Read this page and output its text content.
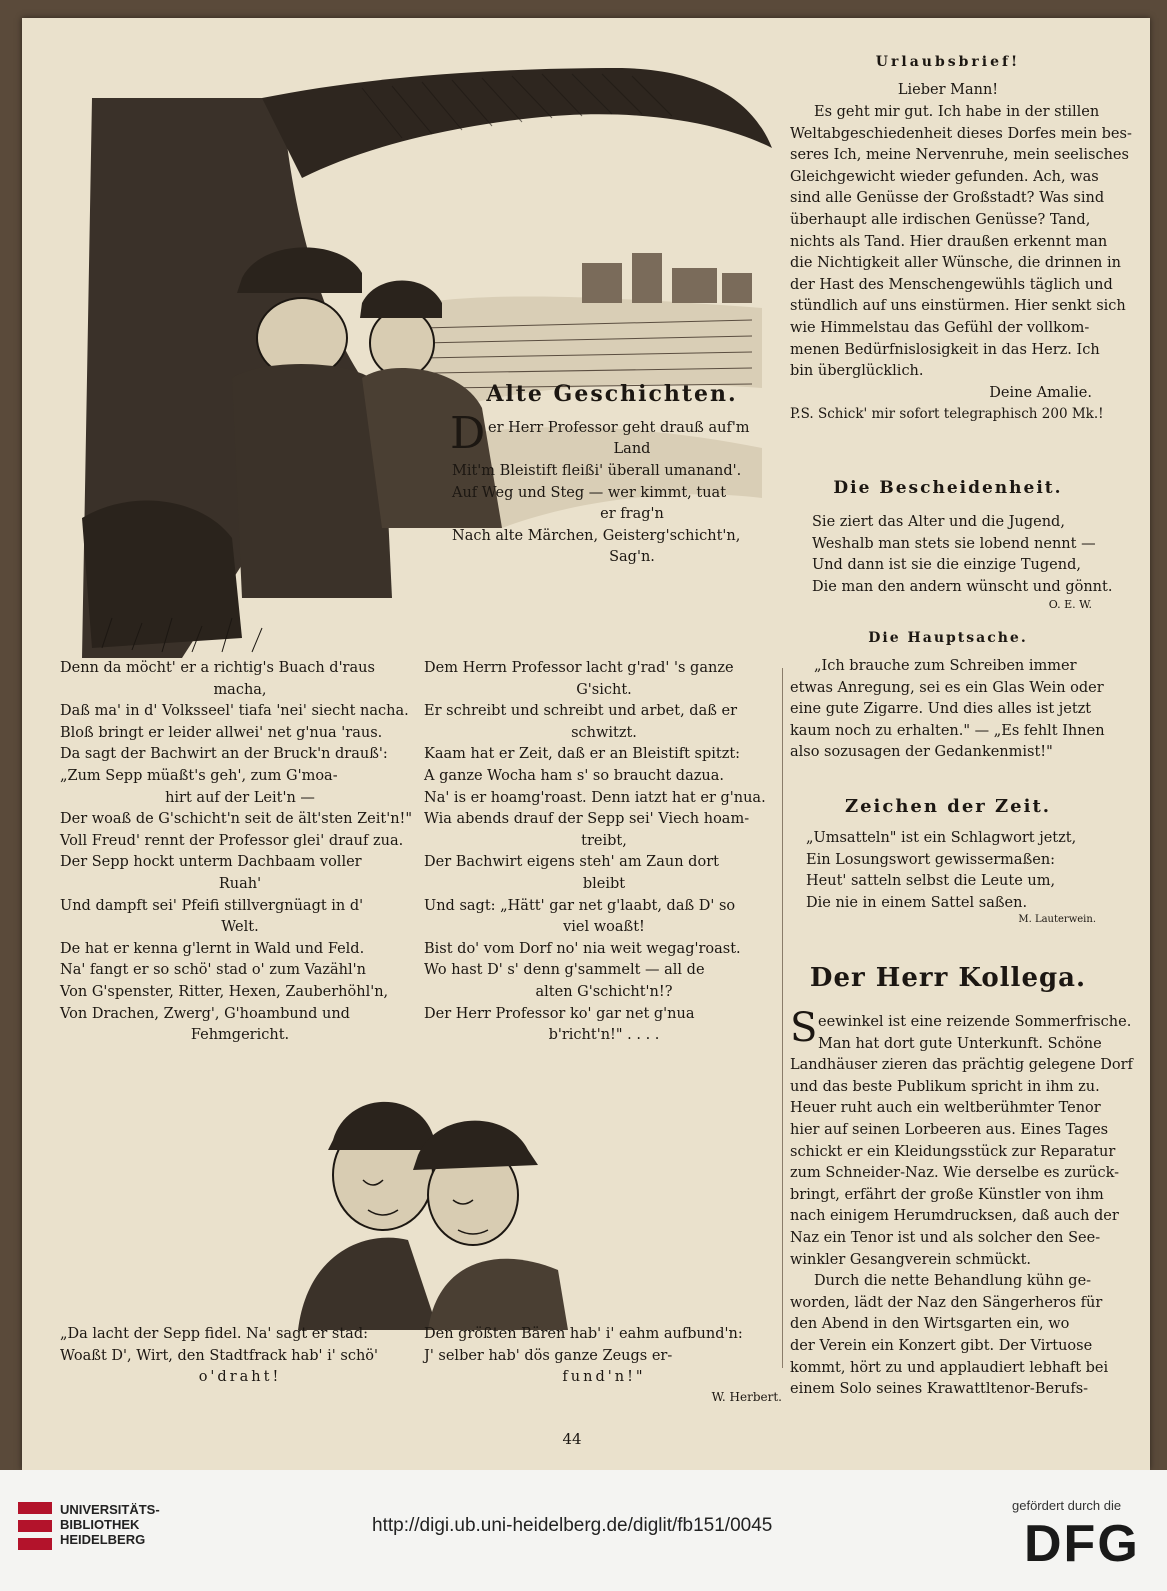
Alte Geschichten.
D er Herr Professor geht drauß auf'm
Land
Mit'm Bleistift fleißi' überall umanand'.
Auf Weg und Steg — wer kimmt, tuat
er frag'n
Nach alte Märchen, Geisterg'schicht'n,
Sag'n.
Denn da möcht' er a richtig's Buach d'raus
macha,
Daß ma' in d' Volksseel' tiafa 'nei' siecht nacha.
Bloß bringt er leider allwei' net g'nua 'raus.
Da sagt der Bachwirt an der Bruck'n drauß':
„Zum Sepp müaßt's geh', zum G'moa-
hirt auf der Leit'n —
Der woaß de G'schicht'n seit de ält'sten Zeit'n!"
Voll Freud' rennt der Professor glei' drauf zua.
Der Sepp hockt unterm Dachbaam voller
Ruah'
Und dampft sei' Pfeifi stillvergnüagt in d'
Welt.
De hat er kenna g'lernt in Wald und Feld.
Na' fangt er so schö' stad o' zum Vazähl'n
Von G'spenster, Ritter, Hexen, Zauberhöhl'n,
Von Drachen, Zwerg', G'hoambund und
Fehmgericht.
Dem Herrn Professor lacht g'rad' 's ganze
G'sicht.
Er schreibt und schreibt und arbet, daß er
schwitzt.
Kaam hat er Zeit, daß er an Bleistift spitzt:
A ganze Wocha ham s' so braucht dazua.
Na' is er hoamg'roast. Denn iatzt hat er g'nua.
Wia abends drauf der Sepp sei' Viech hoam-
treibt,
Der Bachwirt eigens steh' am Zaun dort
bleibt
Und sagt: „Hätt' gar net g'laabt, daß D' so
viel woaßt!
Bist do' vom Dorf no' nia weit wegag'roast.
Wo hast D' s' denn g'sammelt — all de
alten G'schicht'n!?
Der Herr Professor ko' gar net g'nua
b'richt'n!" . . . .
„Da lacht der Sepp fidel. Na' sagt er stad:
Woaßt D', Wirt, den Stadtfrack hab' i' schö'
o'draht!
Den größten Bären hab' i' eahm aufbund'n:
J' selber hab' dös ganze Zeugs er-
fund'n!"
W. Herbert.
Urlaubsbrief!
Lieber Mann!
Es geht mir gut. Ich habe in der stillen
Weltabgeschiedenheit dieses Dorfes mein bes-
seres Ich, meine Nervenruhe, mein seelisches
Gleichgewicht wieder gefunden. Ach, was
sind alle Genüsse der Großstadt? Was sind
überhaupt alle irdischen Genüsse? Tand,
nichts als Tand. Hier draußen erkennt man
die Nichtigkeit aller Wünsche, die drinnen in
der Hast des Menschengewühls täglich und
stündlich auf uns einstürmen. Hier senkt sich
wie Himmelstau das Gefühl der vollkom-
menen Bedürfnislosigkeit in das Herz. Ich
bin überglücklich.
Deine Amalie.
P.S. Schick' mir sofort telegraphisch 200 Mk.!
Die Bescheidenheit.
Sie ziert das Alter und die Jugend,
Weshalb man stets sie lobend nennt —
Und dann ist sie die einzige Tugend,
Die man den andern wünscht und gönnt.
O. E. W.
Die Hauptsache.
„Ich brauche zum Schreiben immer
etwas Anregung, sei es ein Glas Wein oder
eine gute Zigarre. Und dies alles ist jetzt
kaum noch zu erhalten." — „Es fehlt Ihnen
also sozusagen der Gedankenmist!"
Zeichen der Zeit.
„Umsatteln" ist ein Schlagwort jetzt,
Ein Losungswort gewissermaßen:
Heut' satteln selbst die Leute um,
Die nie in einem Sattel saßen.
M. Lauterwein.
Der Herr Kollega.
S eewinkel ist eine reizende Sommerfrische.
Man hat dort gute Unterkunft. Schöne
Landhäuser zieren das prächtig gelegene Dorf
und das beste Publikum spricht in ihm zu.
Heuer ruht auch ein weltberühmter Tenor
hier auf seinen Lorbeeren aus. Eines Tages
schickt er ein Kleidungsstück zur Reparatur
zum Schneider-Naz. Wie derselbe es zurück-
bringt, erfährt der große Künstler von ihm
nach einigem Herumdrucksen, daß auch der
Naz ein Tenor ist und als solcher den See-
winkler Gesangverein schmückt.
Durch die nette Behandlung kühn ge-
worden, lädt der Naz den Sängerheros für
den Abend in den Wirtsgarten ein, wo
der Verein ein Konzert gibt. Der Virtuose
kommt, hört zu und applaudiert lebhaft bei
einem Solo seines Krawattltenor-Berufs-
44
UNIVERSITÄTS-
BIBLIOTHEK
HEIDELBERG
http://digi.ub.uni-heidelberg.de/diglit/fb151/0045
gefördert durch die
DFG
